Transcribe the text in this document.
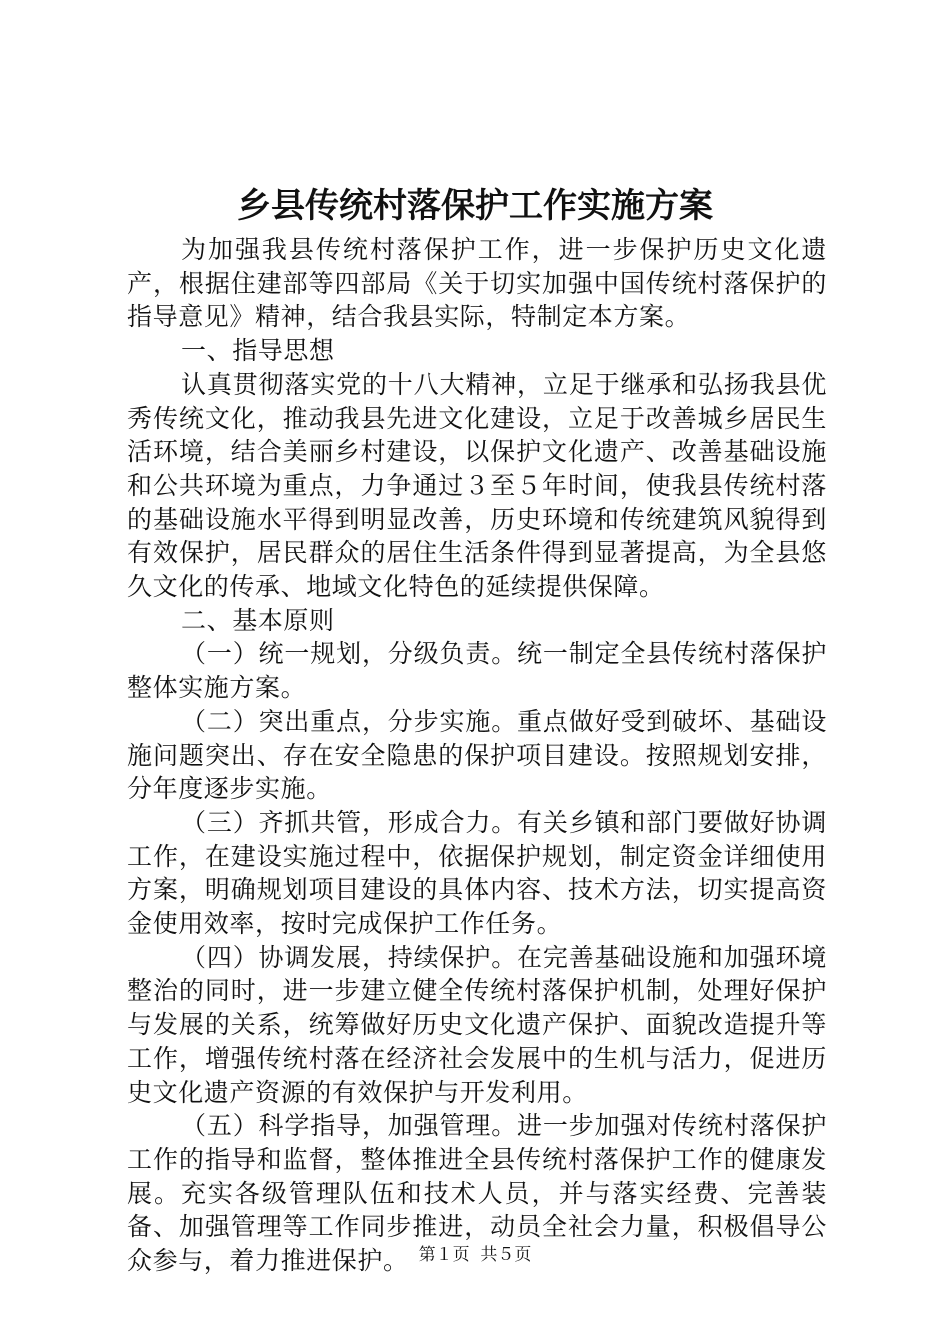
乡县传统村落保护工作实施方案

为加强我县传统村落保护工作，进一步保护历史文化遗产，根据住建部等四部局《关于切实加强中国传统村落保护的指导意见》精神，结合我县实际，特制定本方案。

一、指导思想

认真贯彻落实党的十八大精神，立足于继承和弘扬我县优秀传统文化，推动我县先进文化建设，立足于改善城乡居民生活环境，结合美丽乡村建设，以保护文化遗产、改善基础设施和公共环境为重点，力争通过３至５年时间，使我县传统村落的基础设施水平得到明显改善，历史环境和传统建筑风貌得到有效保护，居民群众的居住生活条件得到显著提高，为全县悠久文化的传承、地域文化特色的延续提供保障。

二、基本原则

（一）统一规划，分级负责。统一制定全县传统村落保护整体实施方案。

（二）突出重点，分步实施。重点做好受到破坏、基础设施问题突出、存在安全隐患的保护项目建设。按照规划安排，分年度逐步实施。

（三）齐抓共管，形成合力。有关乡镇和部门要做好协调工作，在建设实施过程中，依据保护规划，制定资金详细使用方案，明确规划项目建设的具体内容、技术方法，切实提高资金使用效率，按时完成保护工作任务。

（四）协调发展，持续保护。在完善基础设施和加强环境整治的同时，进一步建立健全传统村落保护机制，处理好保护与发展的关系，统筹做好历史文化遗产保护、面貌改造提升等工作，增强传统村落在经济社会发展中的生机与活力，促进历史文化遗产资源的有效保护与开发利用。

（五）科学指导，加强管理。进一步加强对传统村落保护工作的指导和监督，整体推进全县传统村落保护工作的健康发展。充实各级管理队伍和技术人员，并与落实经费、完善装备、加强管理等工作同步推进，动员全社会力量，积极倡导公众参与，着力推进保护。 第１页 共５页
